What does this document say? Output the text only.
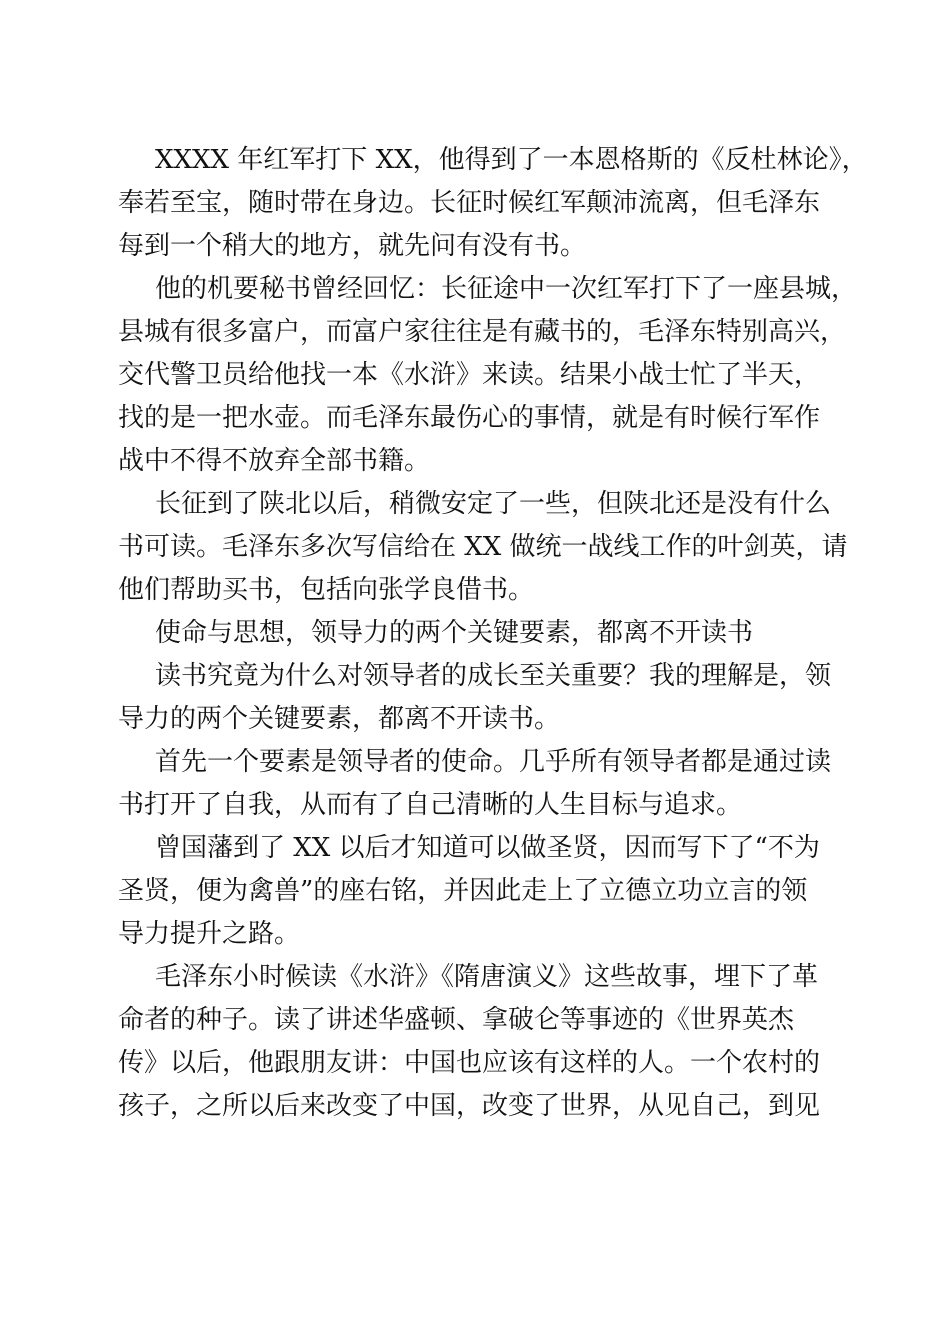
XXXX 年红军打下 XX，他得到了一本恩格斯的《反杜林论》，
奉若至宝，随时带在身边。长征时候红军颠沛流离，但毛泽东
每到一个稍大的地方，就先问有没有书。
他的机要秘书曾经回忆：长征途中一次红军打下了一座县城，
县城有很多富户，而富户家往往是有藏书的，毛泽东特别高兴，
交代警卫员给他找一本《水浒》来读。结果小战士忙了半天，
找的是一把水壶。而毛泽东最伤心的事情，就是有时候行军作
战中不得不放弃全部书籍。
长征到了陕北以后，稍微安定了一些，但陕北还是没有什么
书可读。毛泽东多次写信给在 XX 做统一战线工作的叶剑英，请
他们帮助买书，包括向张学良借书。
使命与思想，领导力的两个关键要素，都离不开读书
读书究竟为什么对领导者的成长至关重要？我的理解是，领
导力的两个关键要素，都离不开读书。
首先一个要素是领导者的使命。几乎所有领导者都是通过读
书打开了自我，从而有了自己清晰的人生目标与追求。
曾国藩到了 XX 以后才知道可以做圣贤，因而写下了“不为
圣贤，便为禽兽”的座右铭，并因此走上了立德立功立言的领
导力提升之路。
毛泽东小时候读《水浒》《隋唐演义》这些故事，埋下了革
命者的种子。读了讲述华盛顿、拿破仑等事迹的《世界英杰
传》以后，他跟朋友讲：中国也应该有这样的人。一个农村的
孩子，之所以后来改变了中国，改变了世界，从见自己，到见
